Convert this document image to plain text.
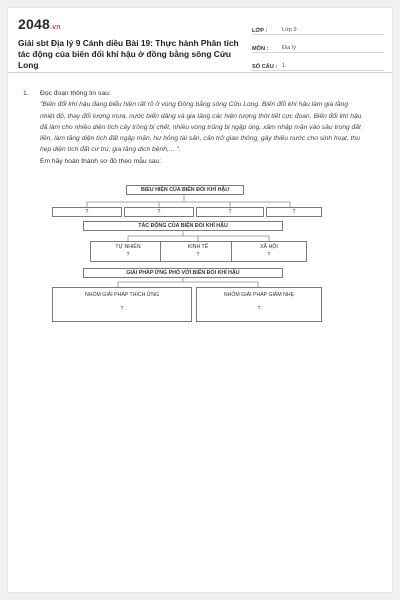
2048.vn
Giải sbt Địa lý 9 Cánh diều Bài 19: Thực hành Phân tích tác động của biến đổi khí hậu ở đồng bằng sông Cửu Long
LỚP :	Lớp 9
MÔN :	Địa lý
SỐ CÂU : 1
1. Đọc đoạn thông tin sau:
"Biến đổi khí hậu đang biểu hiện rất rõ ở vùng Đồng bằng sông Cửu Long. Biến đổi khí hậu làm gia tăng nhiệt độ, thay đổi lượng mưa, nước biển dâng và gia tăng các hiện tượng thời tiết cực đoan. Biến đổi khí hậu đã làm cho nhiều diện tích cây trồng bị chết, nhiều vùng trũng bị ngập úng, xâm nhập mặn vào sâu trong đất liền, làm tăng diện tích đất ngập mặn, hư hỏng tài sản, cản trở giao thông, gây thiếu nước cho sinh hoạt, thu hẹp diện tích đất cư trú, gia tăng dịch bệnh,... ".
Em hãy hoàn thành sơ đồ theo mẫu sau:
BIỂU HIỆN CỦA BIẾN ĐỔI KHÍ HẬU
?	?	?	?
TÁC ĐỘNG CỦA BIẾN ĐỔI KHÍ HẬU
TỰ NHIÊN
?
KINH TẾ
?
XÃ HỘI
?
GIẢI PHÁP ỨNG PHÓ VỚI BIẾN ĐỔI KHÍ HẬU
NHÓM GIẢI PHÁP THÍCH ỨNG
?
NHÓM GIẢI PHÁP GIẢM NHẸ
?
